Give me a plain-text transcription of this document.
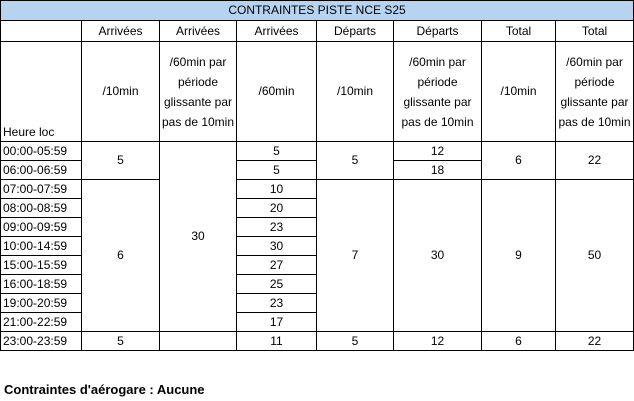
CONTRAINTES PISTE NCE S25							
	Arrivées	Arrivées	Arrivées	Départs	Départs	Total	Total
Heure loc	/10min	/60min par période glissante par pas de 10min	/60min	/10min	/60min par période glissante par pas de 10min	/10min	/60min par période glissante par pas de 10min
00:00-05:59	5	30	5	5	12	6	22
06:00-06:59			5		18		
07:00-07:59	6		10	7	30	9	50
08:00-08:59			20				
09:00-09:59			23				
10:00-14:59			30				
15:00-15:59			27				
16:00-18:59			25				
19:00-20:59			23				
21:00-22:59			17				
23:00-23:59	5		11	5	12	6	22
Contraintes d'aérogare : Aucune
